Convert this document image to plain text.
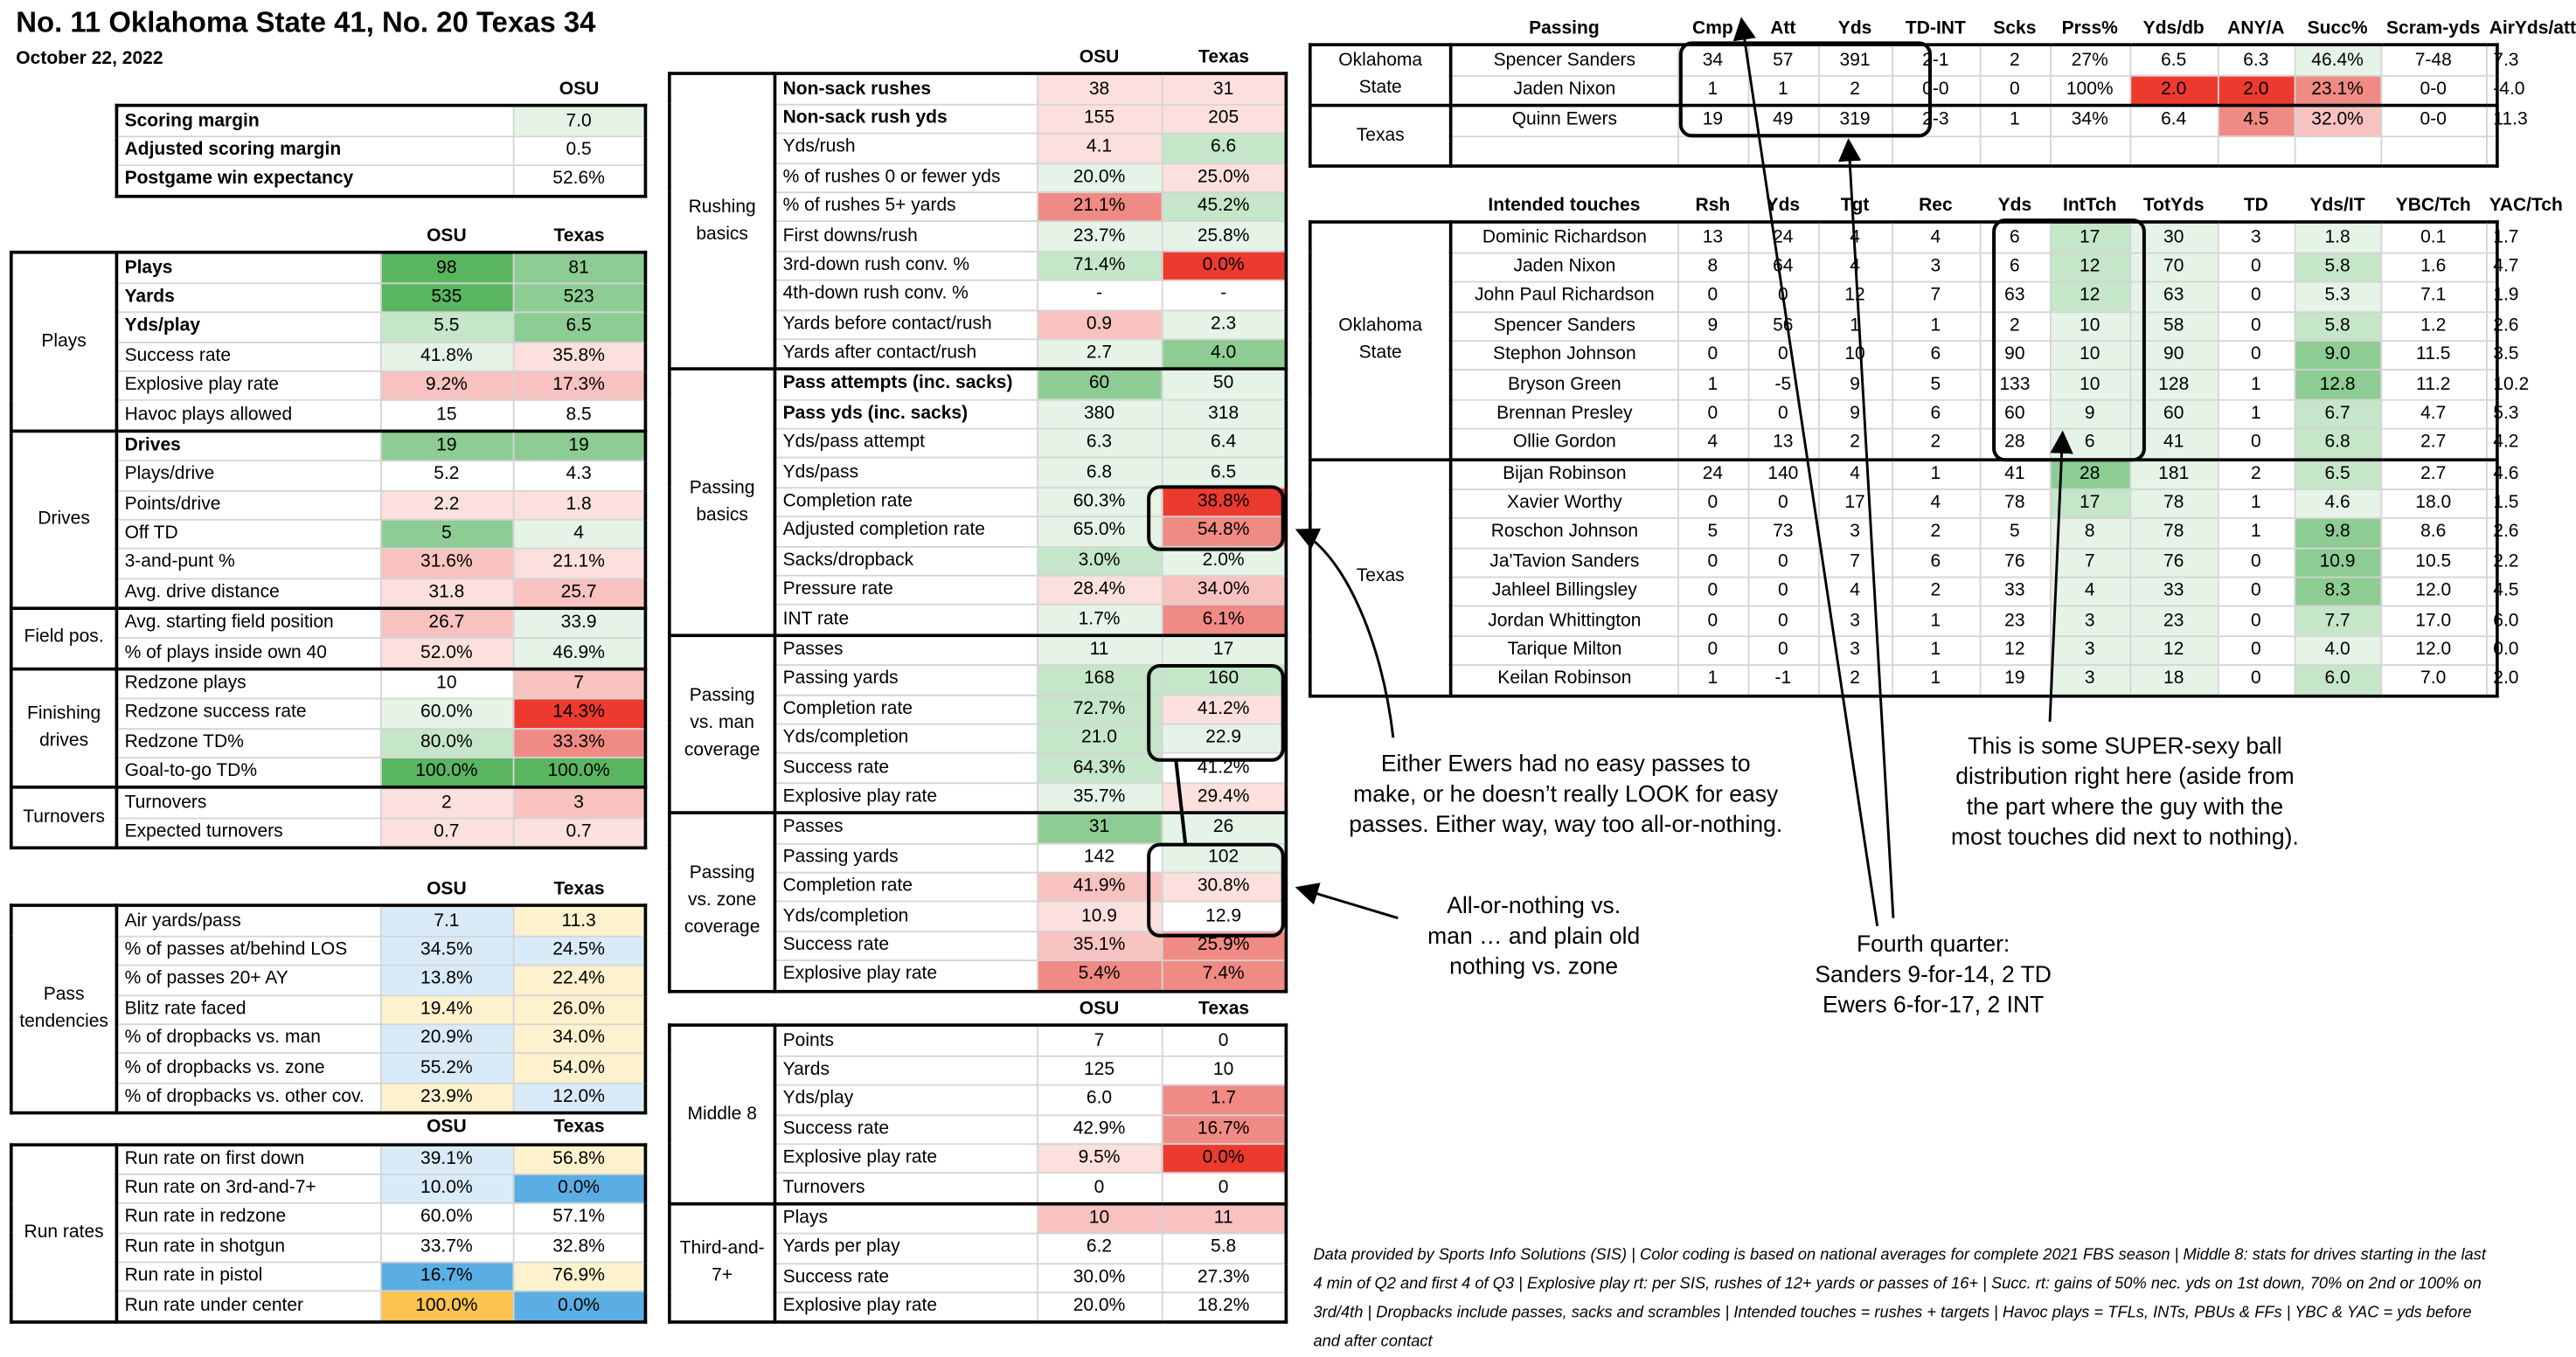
No. 11 Oklahoma State 41, No. 20 Texas 34
October 22, 2022
	OSU
Scoring margin	7.0
Adjusted scoring margin	0.5
Postgame win expectancy	52.6%
		OSU	Texas
Plays	Plays	98	81
	Yards	535	523
	Yds/play	5.5	6.5
	Success rate	41.8%	35.8%
	Explosive play rate	9.2%	17.3%
	Havoc plays allowed	15	8.5
Drives	Drives	19	19
	Plays/drive	5.2	4.3
	Points/drive	2.2	1.8
	Off TD	5	4
	3-and-punt %	31.6%	21.1%
	Avg. drive distance	31.8	25.7
Field pos.	Avg. starting field position	26.7	33.9
	% of plays inside own 40	52.0%	46.9%
Finishing drives	Redzone plays	10	7
	Redzone success rate	60.0%	14.3%
	Redzone TD%	80.0%	33.3%
	Goal-to-go TD%	100.0%	100.0%
Turnovers	Turnovers	2	3
	Expected turnovers	0.7	0.7
		OSU	Texas
Pass tendencies	Air yards/pass	7.1	11.3
	% of passes at/behind LOS	34.5%	24.5%
	% of passes 20+ AY	13.8%	22.4%
	Blitz rate faced	19.4%	26.0%
	% of dropbacks vs. man	20.9%	34.0%
	% of dropbacks vs. zone	55.2%	54.0%
	% of dropbacks vs. other cov.	23.9%	12.0%
		OSU	Texas
Run rates	Run rate on first down	39.1%	56.8%
	Run rate on 3rd-and-7+	10.0%	0.0%
	Run rate in redzone	60.0%	57.1%
	Run rate in shotgun	33.7%	32.8%
	Run rate in pistol	16.7%	76.9%
	Run rate under center	100.0%	0.0%
		OSU	Texas
Rushing basics	Non-sack rushes	38	31
	Non-sack rush yds	155	205
	Yds/rush	4.1	6.6
	% of rushes 0 or fewer yds	20.0%	25.0%
	% of rushes 5+ yards	21.1%	45.2%
	First downs/rush	23.7%	25.8%
	3rd-down rush conv. %	71.4%	0.0%
	4th-down rush conv. %	-	-
	Yards before contact/rush	0.9	2.3
	Yards after contact/rush	2.7	4.0
Passing basics	Pass attempts (inc. sacks)	60	50
	Pass yds (inc. sacks)	380	318
	Yds/pass attempt	6.3	6.4
	Yds/pass	6.8	6.5
	Completion rate	60.3%	38.8%
	Adjusted completion rate	65.0%	54.8%
	Sacks/dropback	3.0%	2.0%
	Pressure rate	28.4%	34.0%
	INT rate	1.7%	6.1%
Passing vs. man coverage	Passes	11	17
	Passing yards	168	160
	Completion rate	72.7%	41.2%
	Yds/completion	21.0	22.9
	Success rate	64.3%	41.2%
	Explosive play rate	35.7%	29.4%
Passing vs. zone coverage	Passes	31	26
	Passing yards	142	102
	Completion rate	41.9%	30.8%
	Yds/completion	10.9	12.9
	Success rate	35.1%	25.9%
	Explosive play rate	5.4%	7.4%
		OSU	Texas
Middle 8	Points	7	0
	Yards	125	10
	Yds/play	6.0	1.7
	Success rate	42.9%	16.7%
	Explosive play rate	9.5%	0.0%
	Turnovers	0	0
Third-and-7+	Plays	10	11
	Yards per play	6.2	5.8
	Success rate	30.0%	27.3%
	Explosive play rate	20.0%	18.2%
	Passing	Cmp	Att	Yds	TD-INT	Scks	Prss%	Yds/db	ANY/A	Succ%	Scram-yds	AirYds/att
Oklahoma State	Spencer Sanders	34	57	391	2-1	2	27%	6.5	6.3	46.4%	7-48	7.3
	Jaden Nixon	1	1	2	0-0	0	100%	2.0	2.0	23.1%	0-0	-4.0
Texas	Quinn Ewers	19	49	319	2-3	1	34%	6.4	4.5	32.0%	0-0	11.3

	Intended touches	Rsh	Yds	Tgt	Rec	Yds	IntTch	TotYds	TD	Yds/IT	YBC/Tch	YAC/Tch
Oklahoma State	Dominic Richardson	13	24	4	4	6	17	30	3	1.8	0.1	1.7
	Jaden Nixon	8	64	4	3	6	12	70	0	5.8	1.6	4.7
	John Paul Richardson	0	0	12	7	63	12	63	0	5.3	7.1	1.9
	Spencer Sanders	9	56	1	1	2	10	58	0	5.8	1.2	2.6
	Stephon Johnson	0	0	10	6	90	10	90	0	9.0	11.5	3.5
	Bryson Green	1	-5	9	5	133	10	128	1	12.8	11.2	10.2
	Brennan Presley	0	0	9	6	60	9	60	1	6.7	4.7	5.3
	Ollie Gordon	4	13	2	2	28	6	41	0	6.8	2.7	4.2
Texas	Bijan Robinson	24	140	4	1	41	28	181	2	6.5	2.7	4.6
	Xavier Worthy	0	0	17	4	78	17	78	1	4.6	18.0	1.5
	Roschon Johnson	5	73	3	2	5	8	78	1	9.8	8.6	2.6
	Ja'Tavion Sanders	0	0	7	6	76	7	76	0	10.9	10.5	2.2
	Jahleel Billingsley	0	0	4	2	33	4	33	0	8.3	12.0	4.5
	Jordan Whittington	0	0	3	1	23	3	23	0	7.7	17.0	6.0
	Tarique Milton	0	0	3	1	12	3	12	0	4.0	12.0	0.0
	Keilan Robinson	1	-1	2	1	19	3	18	0	6.0	7.0	2.0
Either Ewers had no easy passes to
make, or he doesn’t really LOOK for easy
passes. Either way, way too all-or-nothing.
All-or-nothing vs.
man … and plain old
nothing vs. zone
This is some SUPER-sexy ball
distribution right here (aside from
the part where the guy with the
most touches did next to nothing).
Fourth quarter:
Sanders 9-for-14, 2 TD
Ewers 6-for-17, 2 INT
Data provided by Sports Info Solutions (SIS) | Color coding is based on national averages for complete 2021 FBS season | Middle 8: stats for drives starting in the last 4 min of Q2 and first 4 of Q3 | Explosive play rt: per SIS, rushes of 12+ yards or passes of 16+ | Succ. rt: gains of 50% nec. yds on 1st down, 70% on 2nd or 100% on 3rd/4th | Dropbacks include passes, sacks and scrambles | Intended touches = rushes + targets | Havoc plays = TFLs, INTs, PBUs & FFs | YBC & YAC = yds before and after contact
